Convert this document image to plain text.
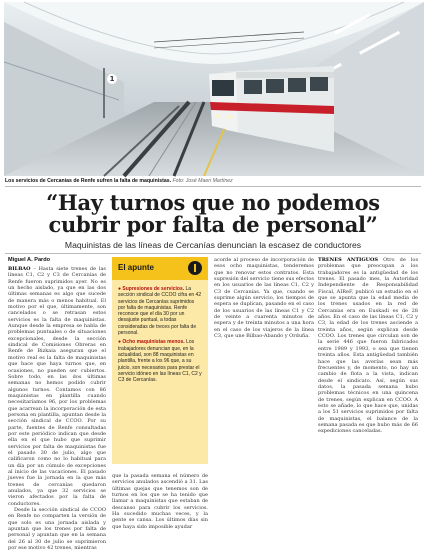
1
Los servicios de Cercanías de Renfe sufren la falta de maquinistas. Foto: José Maeri Martínez
“Hay turnos que no podemos cubrir por falta de personal”
Maquinistas de las líneas de Cercanías denuncian la escasez de conductores

Miguel A. Pardo

BILBAO – Hasta siete trenes de las líneas C1, C2 y C3 de Cercanías de Renfe fueron suprimidos ayer. No es un hecho aislado, ya que en las dos últimas semanas es algo que sucede de manera más o menos habitual. El motivo por el que, últimamente, son cancelados o se retrasan estos servicios es la falta de maquinistas. Aunque desde la empresa se habla de problemas puntuales o de situaciones excepcionales, desde la sección sindical de Comisiones Obreras en Renfe de Bizkaia aseguran que el motivo real es la falta de maquinistas que hace que haya turnos que, en ocasiones, no pueden ser cubiertos. Sobre todo, en las dos últimas semanas no hemos podido cubrir algunos turnos. Contamos con 86 maquinistas en plantilla cuando necesitaríamos 96, por los problemas que acarrean la incorporación de esta persona en plantilla, apuntan desde la sección sindical de CCOO. Por su parte, fuentes de Renfe consultadas por este periódico indican que desde ella en el que hubo que suprimir servicios por falta de maquinistas fue el pasado 30 de julio, algo que calificaron como no lo habitual para un día por un cúmulo de excepciones al inicio de las vacaciones. El pasado jueves fue la jornada en la que más trenes de cercanías quedaron anulados, ya que 32 servicios se vieron afectados por la falta de conductores.

Desde la sección sindical de CCOO en Renfe no comparten la versión de que solo es una jornada aislada y apuntan que los trenes por falta de personal y apuntan que en la semana del 26 al 30 de julio se suprimieron por ese motivo 42 trenes, mientras

El apunte

● Supresiones de servicios. La sección sindical de CCOO cifra en 42 servicios de Cercanías suprimidos por falta de maquinistas. Renfe reconoce que el día 30 por un desajuste puntual, a todas consideradas de treces por falta de personal.

● Ocho maquinistas menos. Los trabajadores denuncian que, en la actualidad, son 88 maquinistas en plantilla, frente a los 96 que, a su juicio, son necesarios para prestar el servicio idóneo en las líneas C1, C2 y C3 de Cercanías.

que la pasada semana el número de servicios anulados ascendió a 31. Las últimas quejas que tenemos son de turnos en los que se ha tenido que llamar a maquinistas que estaban de descanso para cubrir los servicios. Ha sucedido muchas veces, y la gente se cansa. Los últimos días sin que haya sido imposible ayudar

acorde al proceso de incorporación de esos ocho maquinistas, tenderemos que no renovar estos contratos. Esta supresión del servicio tiene sus efectos en los usuarios de las líneas C1, C2 y C3 de Cercanías. Ya que, cuando se suprime algún servicio, los tiempos de espera se duplican, pasando en el caso de los usuarios de las líneas C1 y C2 de veinte a cuarenta minutos de espera y de treinta minutos a una hora en el caso de los viajeros de la línea C3, que une Bilbao-Abando y Orduña.

TRENES ANTIGUOS Otro de los problemas que preocupan a los trabajadores es la antigüedad de los trenes. El pasado mes, la Autoridad Independiente de Responsabilidad Fiscal, AIReF, publicó un estudio en el que se apunta que la edad media de los trenes usados en la red de Cercanías era en Euskadi es de 28 años. En el caso de las líneas C1, C2 y C3, la edad de los trenes asciende a treinta años, según explican desde CCOO. Los trenes que circulan son de la serie 446 que fueron fabricados entre 1989 y 1993, o sea que tienen treinta años. Esta antigüedad también hace que las averías sean más frecuentes y, de momento, no hay un cambio de flota a la vista, indican desde el sindicato. Así, según sus datos, la pasada semana hubo problemas técnicos en una quincena de trenes, según explican en CCOO. A esto se añade, lo que hace que, unidas a los 51 servicios suprimidos por falta de maquinistas, el balance de la semana pasada es que hubo más de 66 expediciones canceladas.
